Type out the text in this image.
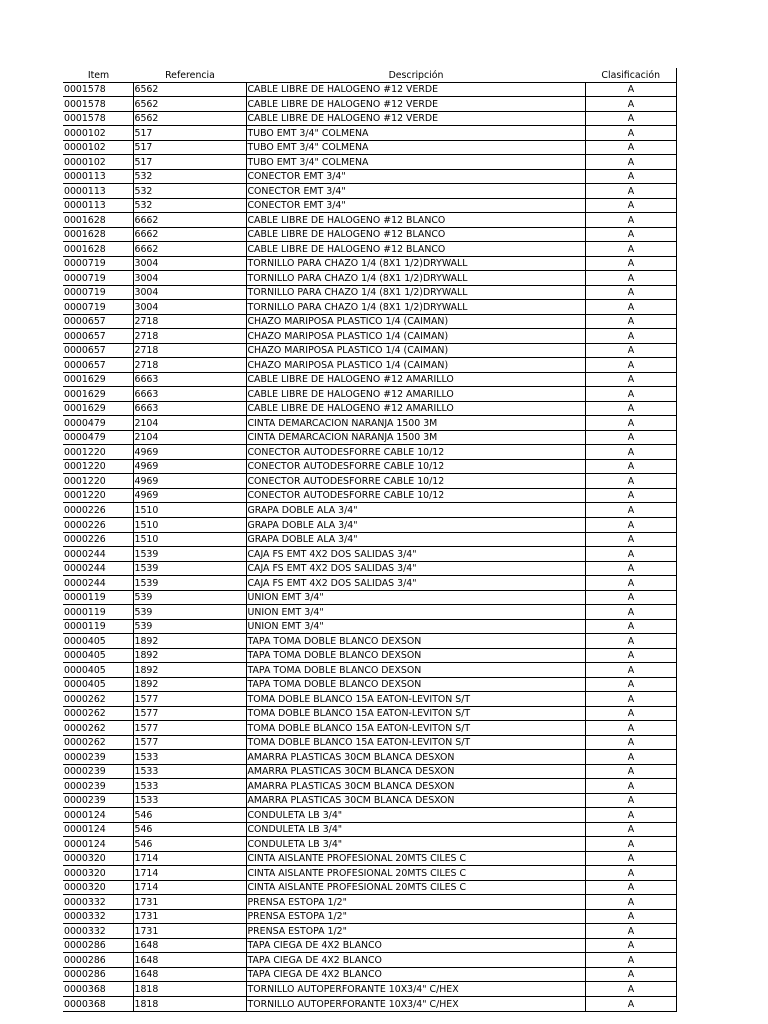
Item	Referencia	Descripción	Clasificación
0001578	6562	CABLE LIBRE DE HALOGENO #12 VERDE	A
0001578	6562	CABLE LIBRE DE HALOGENO #12 VERDE	A
0001578	6562	CABLE LIBRE DE HALOGENO #12 VERDE	A
0000102	517	TUBO EMT 3/4" COLMENA	A
0000102	517	TUBO EMT 3/4" COLMENA	A
0000102	517	TUBO EMT 3/4" COLMENA	A
0000113	532	CONECTOR EMT 3/4"	A
0000113	532	CONECTOR EMT 3/4"	A
0000113	532	CONECTOR EMT 3/4"	A
0001628	6662	CABLE LIBRE DE HALOGENO #12 BLANCO	A
0001628	6662	CABLE LIBRE DE HALOGENO #12 BLANCO	A
0001628	6662	CABLE LIBRE DE HALOGENO #12 BLANCO	A
0000719	3004	TORNILLO PARA CHAZO 1/4 (8X1 1/2)DRYWALL	A
0000719	3004	TORNILLO PARA CHAZO 1/4 (8X1 1/2)DRYWALL	A
0000719	3004	TORNILLO PARA CHAZO 1/4 (8X1 1/2)DRYWALL	A
0000719	3004	TORNILLO PARA CHAZO 1/4 (8X1 1/2)DRYWALL	A
0000657	2718	CHAZO MARIPOSA PLASTICO 1/4 (CAIMAN)	A
0000657	2718	CHAZO MARIPOSA PLASTICO 1/4 (CAIMAN)	A
0000657	2718	CHAZO MARIPOSA PLASTICO 1/4 (CAIMAN)	A
0000657	2718	CHAZO MARIPOSA PLASTICO 1/4 (CAIMAN)	A
0001629	6663	CABLE LIBRE DE HALOGENO #12 AMARILLO	A
0001629	6663	CABLE LIBRE DE HALOGENO #12 AMARILLO	A
0001629	6663	CABLE LIBRE DE HALOGENO #12 AMARILLO	A
0000479	2104	CINTA DEMARCACION NARANJA 1500 3M	A
0000479	2104	CINTA DEMARCACION NARANJA 1500 3M	A
0001220	4969	CONECTOR AUTODESFORRE CABLE 10/12	A
0001220	4969	CONECTOR AUTODESFORRE CABLE 10/12	A
0001220	4969	CONECTOR AUTODESFORRE CABLE 10/12	A
0001220	4969	CONECTOR AUTODESFORRE CABLE 10/12	A
0000226	1510	GRAPA DOBLE ALA 3/4"	A
0000226	1510	GRAPA DOBLE ALA 3/4"	A
0000226	1510	GRAPA DOBLE ALA 3/4"	A
0000244	1539	CAJA FS EMT 4X2 DOS SALIDAS 3/4"	A
0000244	1539	CAJA FS EMT 4X2 DOS SALIDAS 3/4"	A
0000244	1539	CAJA FS EMT 4X2 DOS SALIDAS 3/4"	A
0000119	539	UNION EMT 3/4"	A
0000119	539	UNION EMT 3/4"	A
0000119	539	UNION EMT 3/4"	A
0000405	1892	TAPA TOMA DOBLE BLANCO DEXSON	A
0000405	1892	TAPA TOMA DOBLE BLANCO DEXSON	A
0000405	1892	TAPA TOMA DOBLE BLANCO DEXSON	A
0000405	1892	TAPA TOMA DOBLE BLANCO DEXSON	A
0000262	1577	TOMA DOBLE BLANCO 15A EATON-LEVITON S/T	A
0000262	1577	TOMA DOBLE BLANCO 15A EATON-LEVITON S/T	A
0000262	1577	TOMA DOBLE BLANCO 15A EATON-LEVITON S/T	A
0000262	1577	TOMA DOBLE BLANCO 15A EATON-LEVITON S/T	A
0000239	1533	AMARRA PLASTICAS 30CM BLANCA DESXON	A
0000239	1533	AMARRA PLASTICAS 30CM BLANCA DESXON	A
0000239	1533	AMARRA PLASTICAS 30CM BLANCA DESXON	A
0000239	1533	AMARRA PLASTICAS 30CM BLANCA DESXON	A
0000124	546	CONDULETA LB 3/4"	A
0000124	546	CONDULETA LB 3/4"	A
0000124	546	CONDULETA LB 3/4"	A
0000320	1714	CINTA AISLANTE PROFESIONAL 20MTS CILES C	A
0000320	1714	CINTA AISLANTE PROFESIONAL 20MTS CILES C	A
0000320	1714	CINTA AISLANTE PROFESIONAL 20MTS CILES C	A
0000332	1731	PRENSA ESTOPA 1/2"	A
0000332	1731	PRENSA ESTOPA 1/2"	A
0000332	1731	PRENSA ESTOPA 1/2"	A
0000286	1648	TAPA CIEGA DE 4X2 BLANCO	A
0000286	1648	TAPA CIEGA DE 4X2 BLANCO	A
0000286	1648	TAPA CIEGA DE 4X2 BLANCO	A
0000368	1818	TORNILLO AUTOPERFORANTE 10X3/4" C/HEX	A
0000368	1818	TORNILLO AUTOPERFORANTE 10X3/4" C/HEX	A
